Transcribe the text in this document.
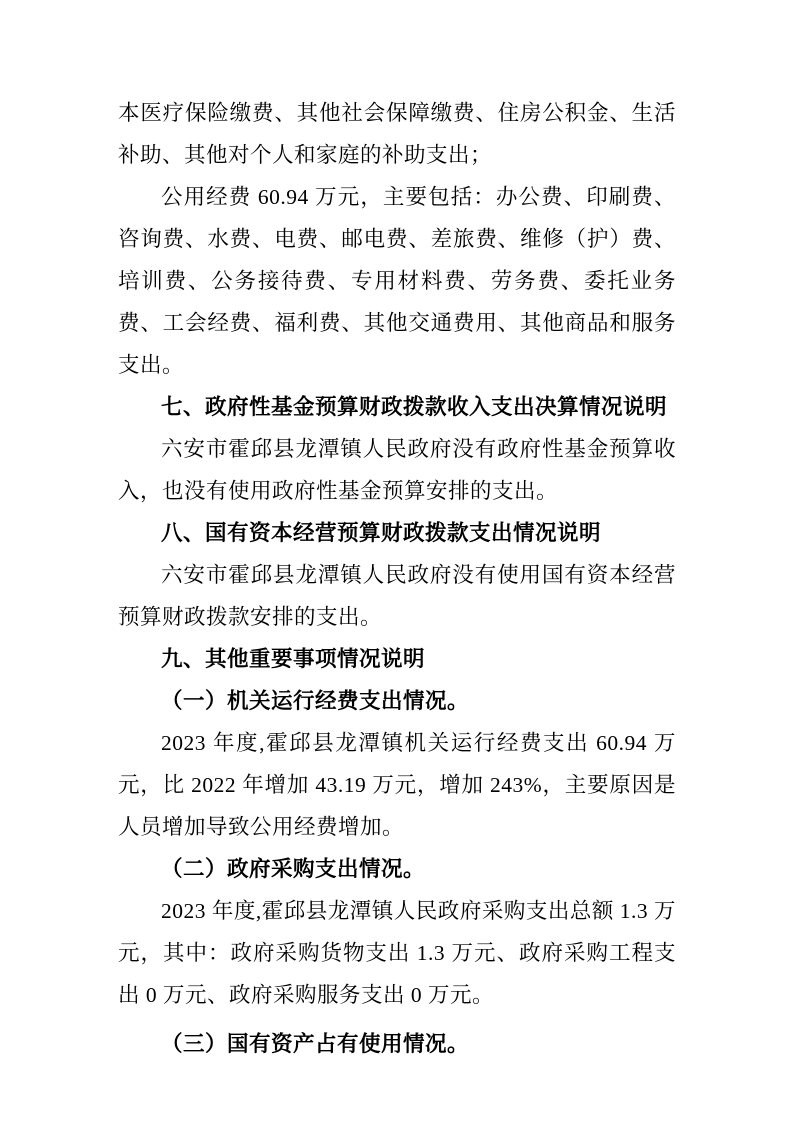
本医疗保险缴费、其他社会保障缴费、住房公积金、生活补助、其他对个人和家庭的补助支出；

公用经费 60.94 万元，主要包括：办公费、印刷费、咨询费、水费、电费、邮电费、差旅费、维修（护）费、培训费、公务接待费、专用材料费、劳务费、委托业务费、工会经费、福利费、其他交通费用、其他商品和服务支出。

七、政府性基金预算财政拨款收入支出决算情况说明

六安市霍邱县龙潭镇人民政府没有政府性基金预算收入，也没有使用政府性基金预算安排的支出。

八、国有资本经营预算财政拨款支出情况说明

六安市霍邱县龙潭镇人民政府没有使用国有资本经营预算财政拨款安排的支出。

九、其他重要事项情况说明

（一）机关运行经费支出情况。

2023 年度,霍邱县龙潭镇机关运行经费支出 60.94 万元，比 2022 年增加 43.19 万元，增加 243%，主要原因是人员增加导致公用经费增加。

（二）政府采购支出情况。

2023 年度,霍邱县龙潭镇人民政府采购支出总额 1.3 万元，其中：政府采购货物支出 1.3 万元、政府采购工程支出 0 万元、政府采购服务支出 0 万元。

（三）国有资产占有使用情况。
